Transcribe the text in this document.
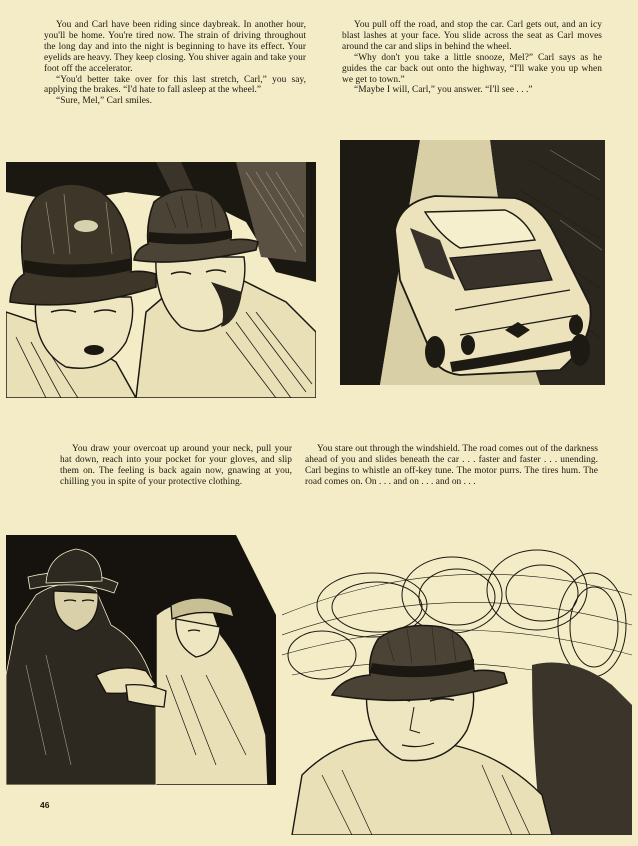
You and Carl have been riding since daybreak. In another hour, you'll be home. You're tired now. The strain of driving throughout the long day and into the night is beginning to have its effect. Your eyelids are heavy. They keep closing. You shiver again and take your foot off the accelerator.

“You'd better take over for this last stretch, Carl,” you say, applying the brakes. “I'd hate to fall asleep at the wheel.”

“Sure, Mel,” Carl smiles.

You pull off the road, and stop the car. Carl gets out, and an icy blast lashes at your face. You slide across the seat as Carl moves around the car and slips in behind the wheel.

“Why don't you take a little snooze, Mel?” Carl says as he guides the car back out onto the highway, “I'll wake you up when we get to town.”

“Maybe I will, Carl,” you answer. “I'll see . . .”

You draw your overcoat up around your neck, pull your hat down, reach into your pocket for your gloves, and slip them on. The feeling is back again now, gnawing at you, chilling you in spite of your protective clothing.

You stare out through the windshield. The road comes out of the darkness ahead of you and slides beneath the car . . . faster and faster . . . unending. Carl begins to whistle an off-key tune. The motor purrs. The tires hum. The road comes on. On . . . and on . . . and on . . .

46
